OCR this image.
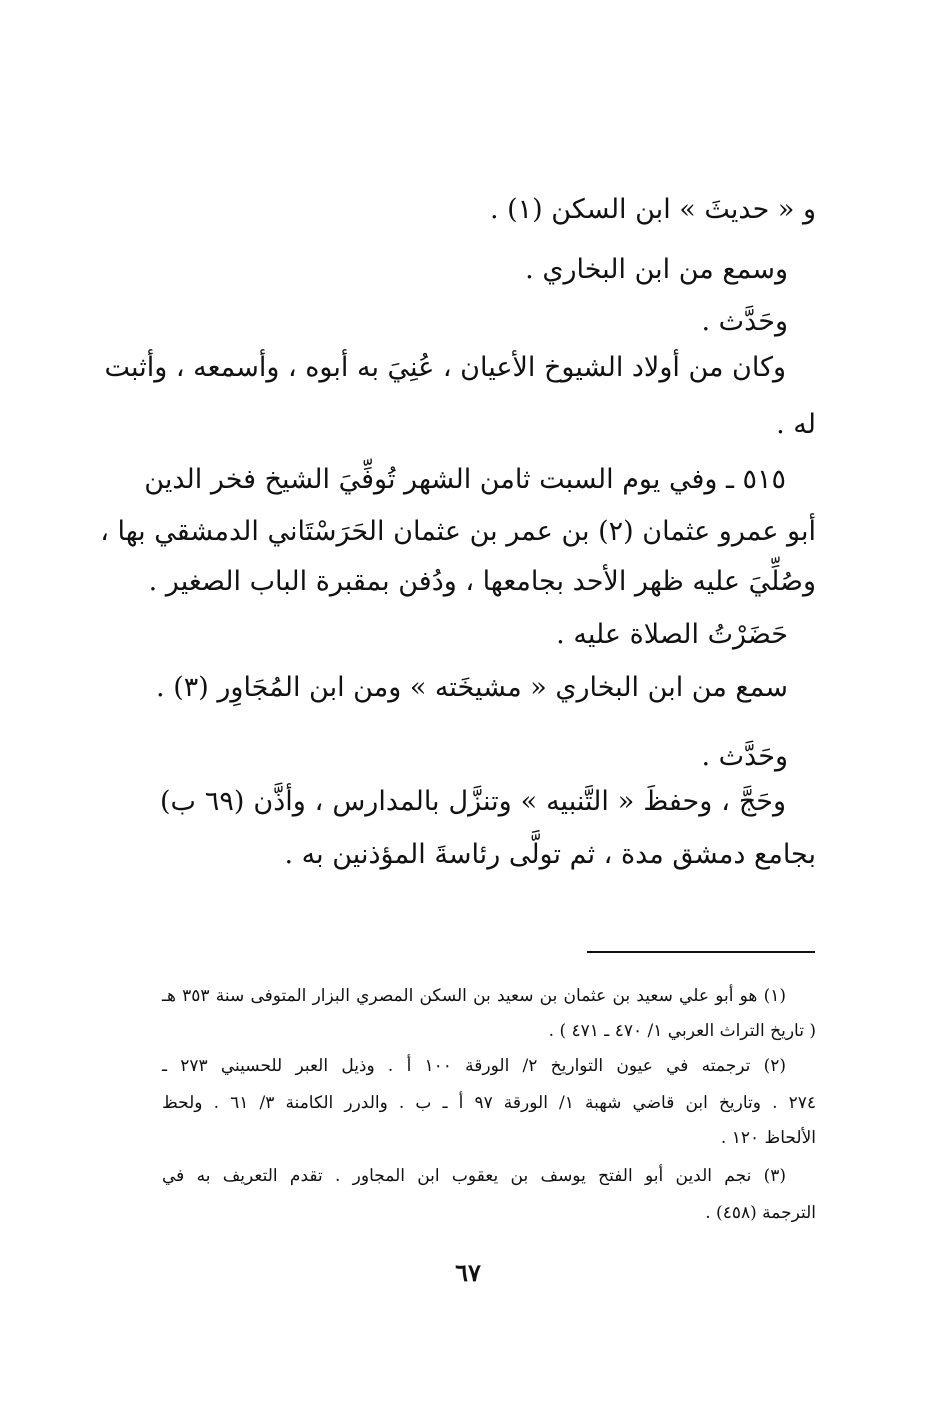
و « حديثَ » ابن السكن (١) .
وسمع من ابن البخاري .
وحَدَّث .
وكان من أولاد الشيوخ الأعيان ، عُنِيَ به أبوه ، وأسمعه ، وأثبت
له .
٥١٥ ـ وفي يوم السبت ثامن الشهر تُوفِّيَ الشيخ فخر الدين
أبو عمرو عثمان (٢) بن عمر بن عثمان الحَرَسْتَاني الدمشقي بها ،
وصُلِّيَ عليه ظهر الأحد بجامعها ، ودُفن بمقبرة الباب الصغير .
حَضَرْتُ الصلاة عليه .
سمع من ابن البخاري « مشيخَته » ومن ابن المُجَاوِر (٣) .
وحَدَّث .
وحَجَّ ، وحفظَ « التَّنبيه » وتنزَّل بالمدارس ، وأذَّن (٦٩ ب)
بجامع دمشق مدة ، ثم تولَّى رئاسةَ المؤذنين به .
(١) هو أبو علي سعيد بن عثمان بن سعيد بن السكن المصري البزار المتوفى سنة ٣٥٣ هـ
( تاريخ التراث العربي ١/ ٤٧٠ ـ ٤٧١ ) .
(٢) ترجمته في عيون التواريخ ٢/ الورقة ١٠٠ أ . وذيل العبر للحسيني ٢٧٣ ـ
٢٧٤ . وتاريخ ابن قاضي شهبة ١/ الورقة ٩٧ أ ـ ب . والدرر الكامنة ٣/ ٦١ . ولحظ
الألحاظ ١٢٠ .
(٣) نجم الدين أبو الفتح يوسف بن يعقوب ابن المجاور . تقدم التعريف به في
الترجمة (٤٥٨) .
٦٧
